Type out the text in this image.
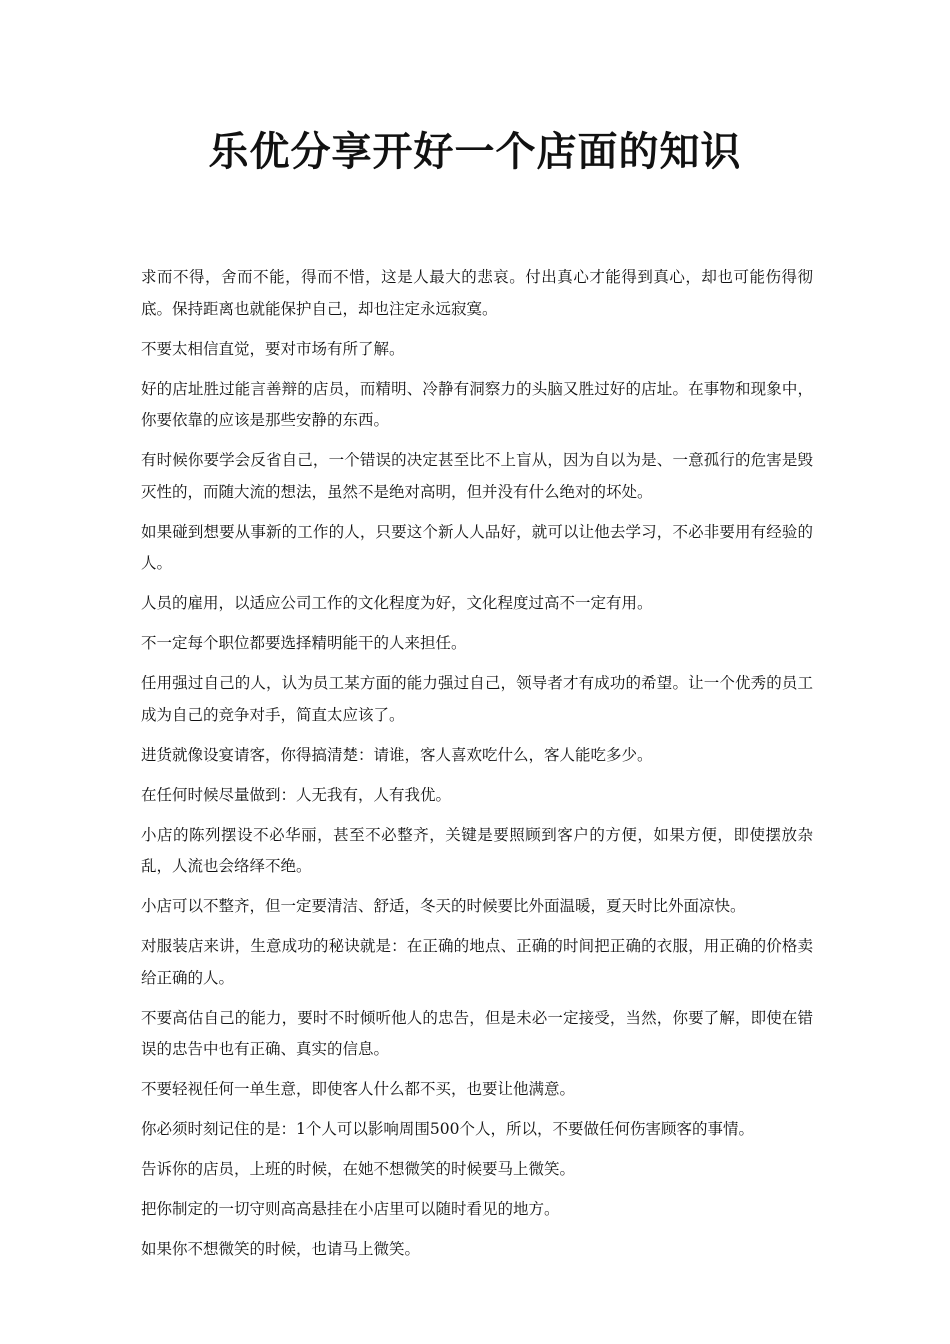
乐优分享开好一个店面的知识

求而不得，舍而不能，得而不惜，这是人最大的悲哀。付出真心才能得到真心，却也可能伤得彻底。保持距离也就能保护自己，却也注定永远寂寞。

不要太相信直觉，要对市场有所了解。

好的店址胜过能言善辩的店员，而精明、冷静有洞察力的头脑又胜过好的店址。在事物和现象中，你要依靠的应该是那些安静的东西。

有时候你要学会反省自己，一个错误的决定甚至比不上盲从，因为自以为是、一意孤行的危害是毁灭性的，而随大流的想法，虽然不是绝对高明，但并没有什么绝对的坏处。

如果碰到想要从事新的工作的人，只要这个新人人品好，就可以让他去学习，不必非要用有经验的人。

人员的雇用，以适应公司工作的文化程度为好，文化程度过高不一定有用。

不一定每个职位都要选择精明能干的人来担任。

任用强过自己的人，认为员工某方面的能力强过自己，领导者才有成功的希望。让一个优秀的员工成为自己的竞争对手，简直太应该了。

进货就像设宴请客，你得搞清楚：请谁，客人喜欢吃什么，客人能吃多少。

在任何时候尽量做到：人无我有，人有我优。

小店的陈列摆设不必华丽，甚至不必整齐，关键是要照顾到客户的方便，如果方便，即使摆放杂乱，人流也会络绎不绝。

小店可以不整齐，但一定要清洁、舒适，冬天的时候要比外面温暖，夏天时比外面凉快。

对服装店来讲，生意成功的秘诀就是：在正确的地点、正确的时间把正确的衣服，用正确的价格卖给正确的人。

不要高估自己的能力，要时不时倾听他人的忠告，但是未必一定接受，当然，你要了解，即使在错误的忠告中也有正确、真实的信息。

不要轻视任何一单生意，即使客人什么都不买，也要让他满意。

你必须时刻记住的是：1个人可以影响周围500个人，所以，不要做任何伤害顾客的事情。

告诉你的店员，上班的时候，在她不想微笑的时候要马上微笑。

把你制定的一切守则高高悬挂在小店里可以随时看见的地方。

如果你不想微笑的时候，也请马上微笑。
